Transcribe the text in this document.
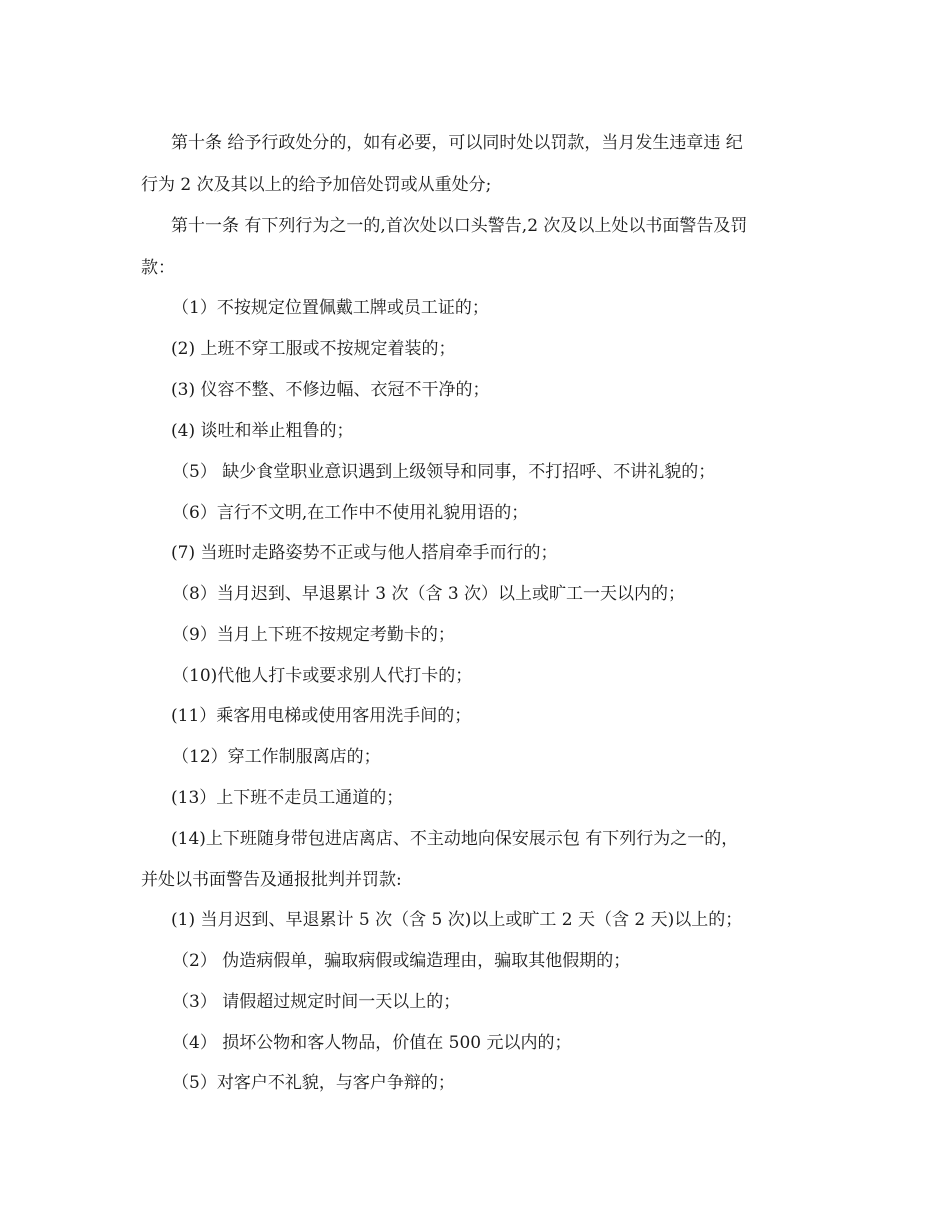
第十条 给予行政处分的，如有必要，可以同时处以罚款，当月发生违章违 纪
行为 2 次及其以上的给予加倍处罚或从重处分;
第十一条 有下列行为之一的,首次处以口头警告,2 次及以上处以书面警告及罚
款：
（1）不按规定位置佩戴工牌或员工证的；
(2) 上班不穿工服或不按规定着装的；
(3) 仪容不整、不修边幅、衣冠不干净的；
(4) 谈吐和举止粗鲁的；
（5） 缺少食堂职业意识遇到上级领导和同事，不打招呼、不讲礼貌的；
（6）言行不文明,在工作中不使用礼貌用语的；
(7) 当班时走路姿势不正或与他人搭肩牵手而行的；
（8）当月迟到、早退累计 3 次（含 3 次）以上或旷工一天以内的；
（9）当月上下班不按规定考勤卡的；
（10)代他人打卡或要求别人代打卡的；
(11）乘客用电梯或使用客用洗手间的；
（12）穿工作制服离店的；
(13）上下班不走员工通道的；
(14)上下班随身带包进店离店、不主动地向保安展示包 有下列行为之一的，
并处以书面警告及通报批判并罚款:
(1) 当月迟到、早退累计 5 次（含 5 次)以上或旷工 2 天（含 2 天)以上的；
（2） 伪造病假单，骗取病假或编造理由，骗取其他假期的；
（3） 请假超过规定时间一天以上的；
（4） 损坏公物和客人物品，价值在 500 元以内的；
（5）对客户不礼貌，与客户争辩的；
